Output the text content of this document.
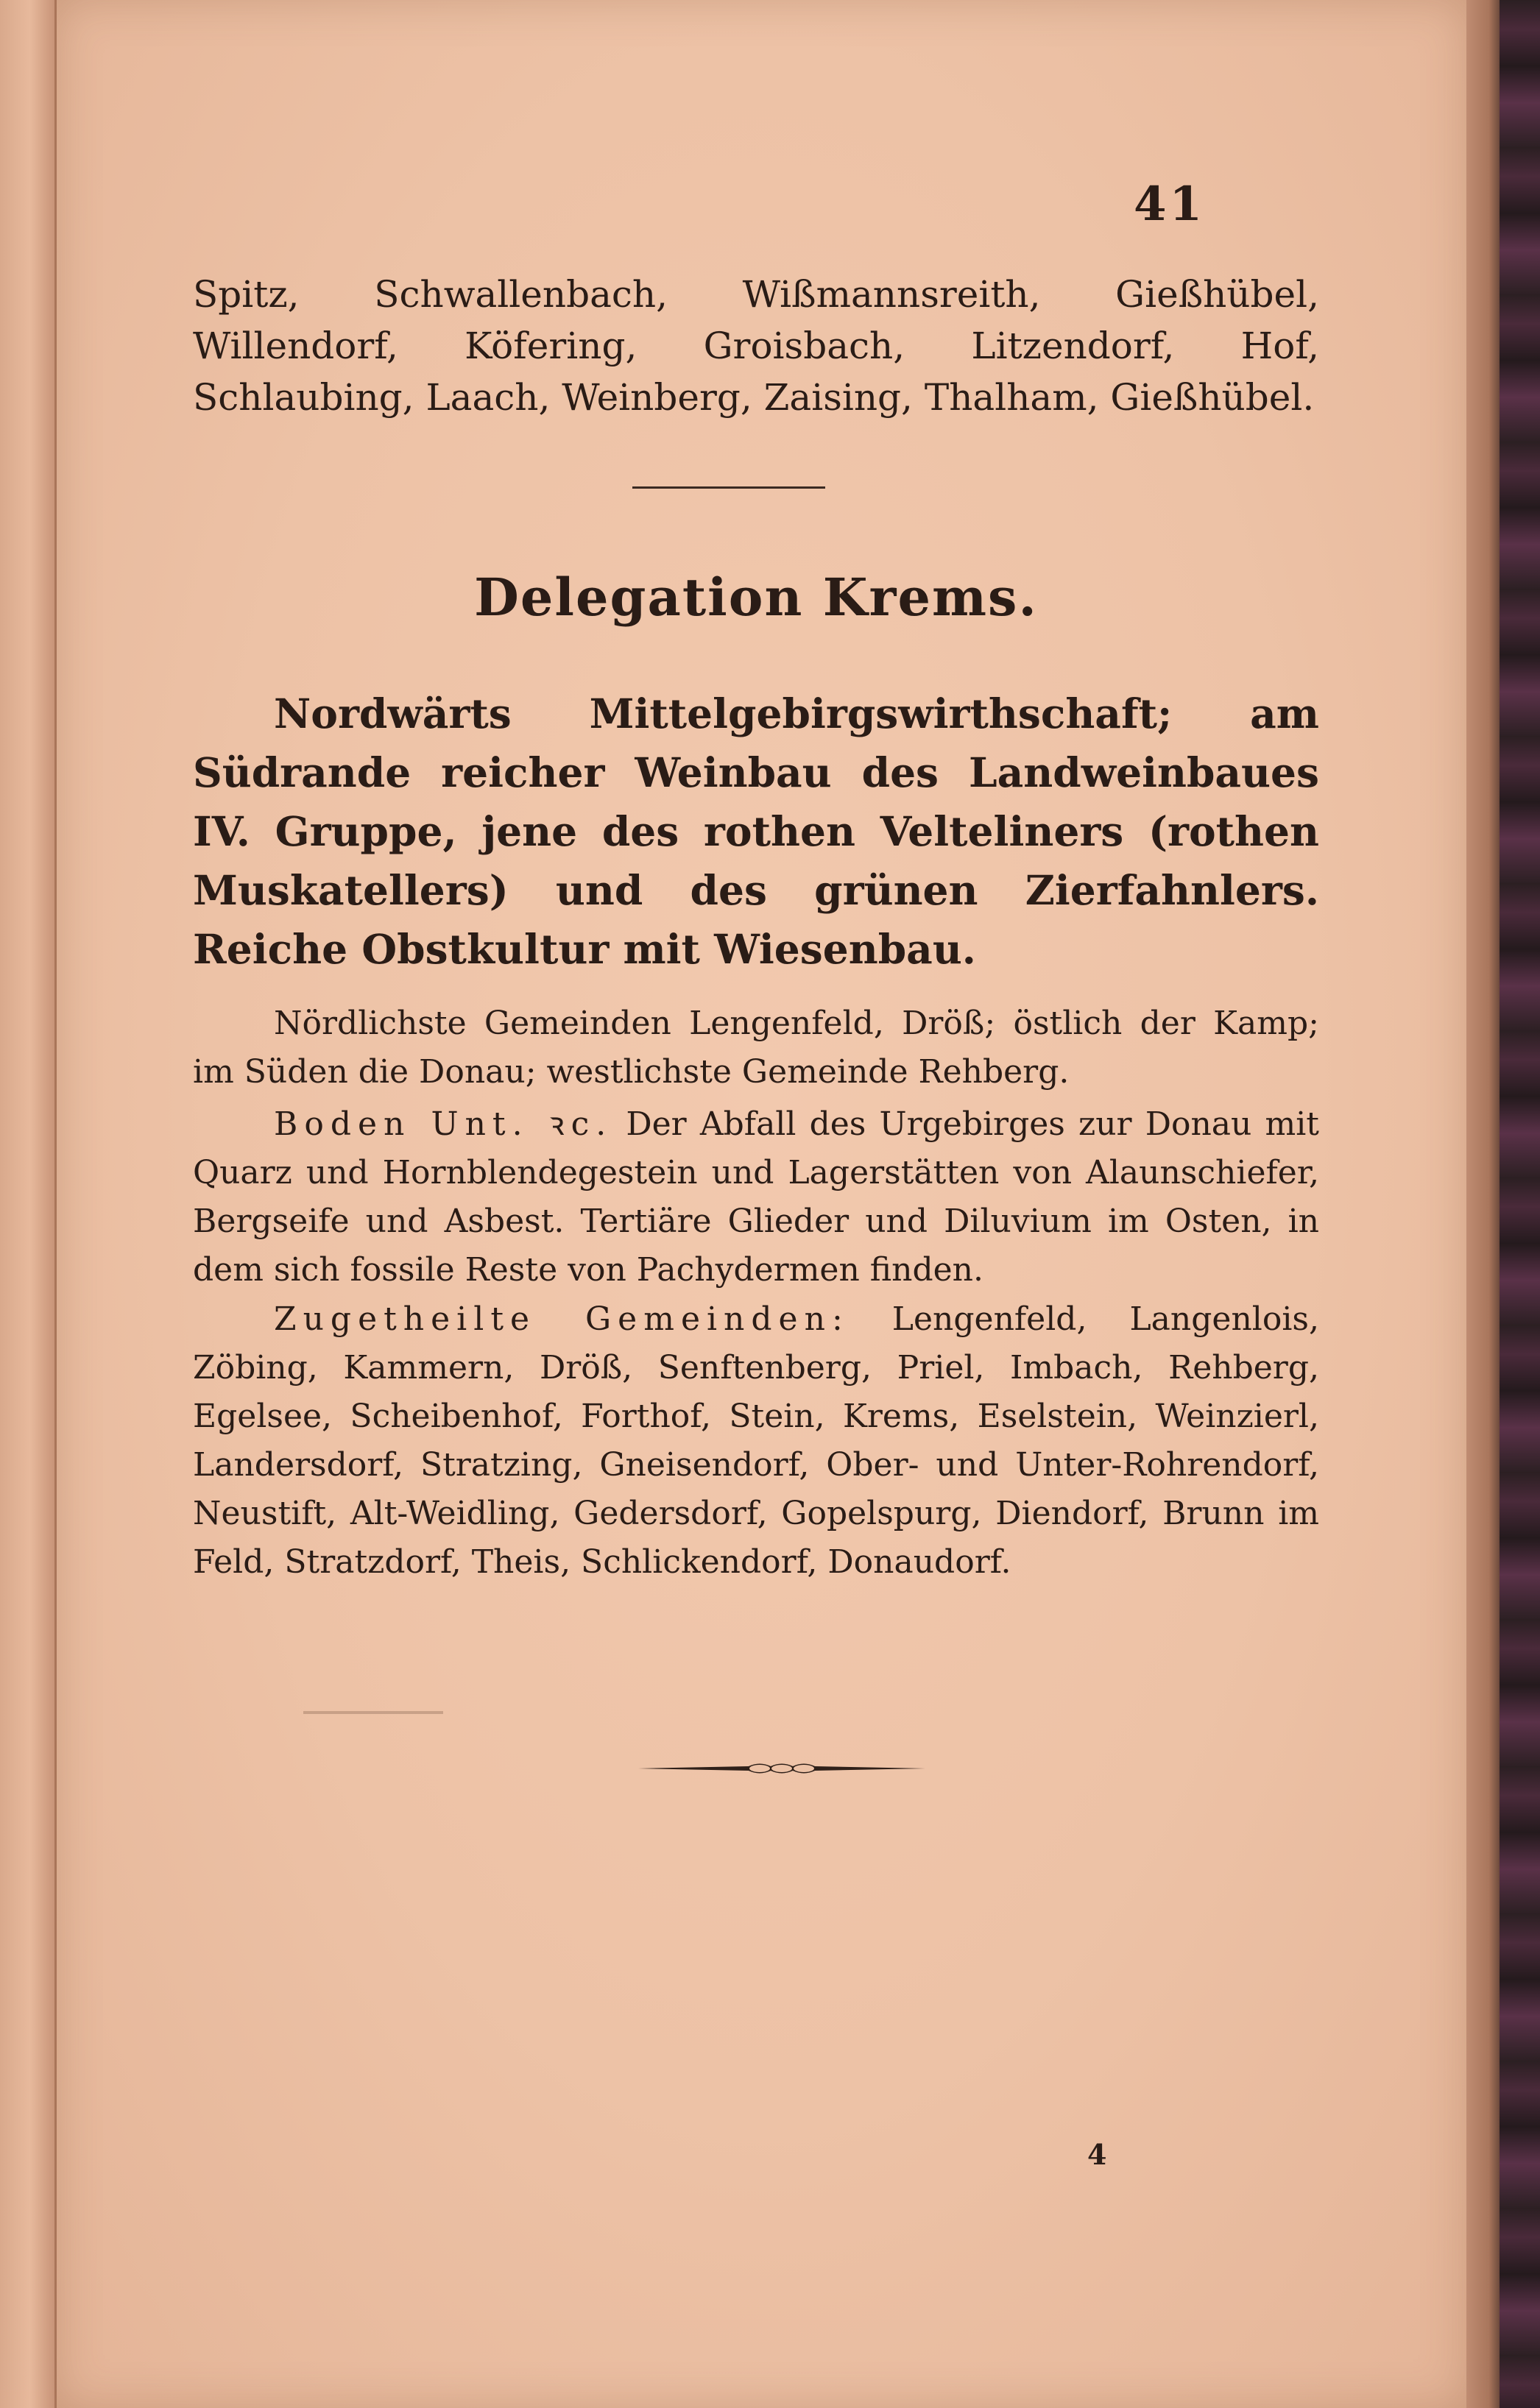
41
Spitz, Schwallenbach, Wißmannsreith, Gießhübel, Willendorf, Köfering, Groisbach, Litzendorf, Hof, Schlaubing, Laach, Weinberg, Zaising, Thalham, Gießhübel.
Delegation Krems.
Nordwärts Mittelgebirgswirthschaft; am Südrande reicher Weinbau des Landweinbaues IV. Gruppe, jene des rothen Velteliners (rothen Muskatellers) und des grünen Zierfahnlers. Reiche Obstkultur mit Wiesenbau.
Nördlichste Gemeinden Lengenfeld, Dröß; östlich der Kamp; im Süden die Donau; westlichste Gemeinde Rehberg.
Boden Unt. ꝛc. Der Abfall des Urgebirges zur Donau mit Quarz und Hornblendegestein und Lagerstätten von Alaunschiefer, Bergseife und Asbest. Tertiäre Glieder und Diluvium im Osten, in dem sich fossile Reste von Pachydermen finden.
Zugetheilte Gemeinden: Lengenfeld, Langenlois, Zöbing, Kammern, Dröß, Senftenberg, Priel, Imbach, Rehberg, Egelsee, Scheibenhof, Forthof, Stein, Krems, Eselstein, Weinzierl, Landersdorf, Stratzing, Gneisendorf, Ober- und Unter-Rohrendorf, Neustift, Alt-Weidling, Gedersdorf, Gopelspurg, Diendorf, Brunn im Feld, Stratzdorf, Theis, Schlickendorf, Donaudorf.
4
